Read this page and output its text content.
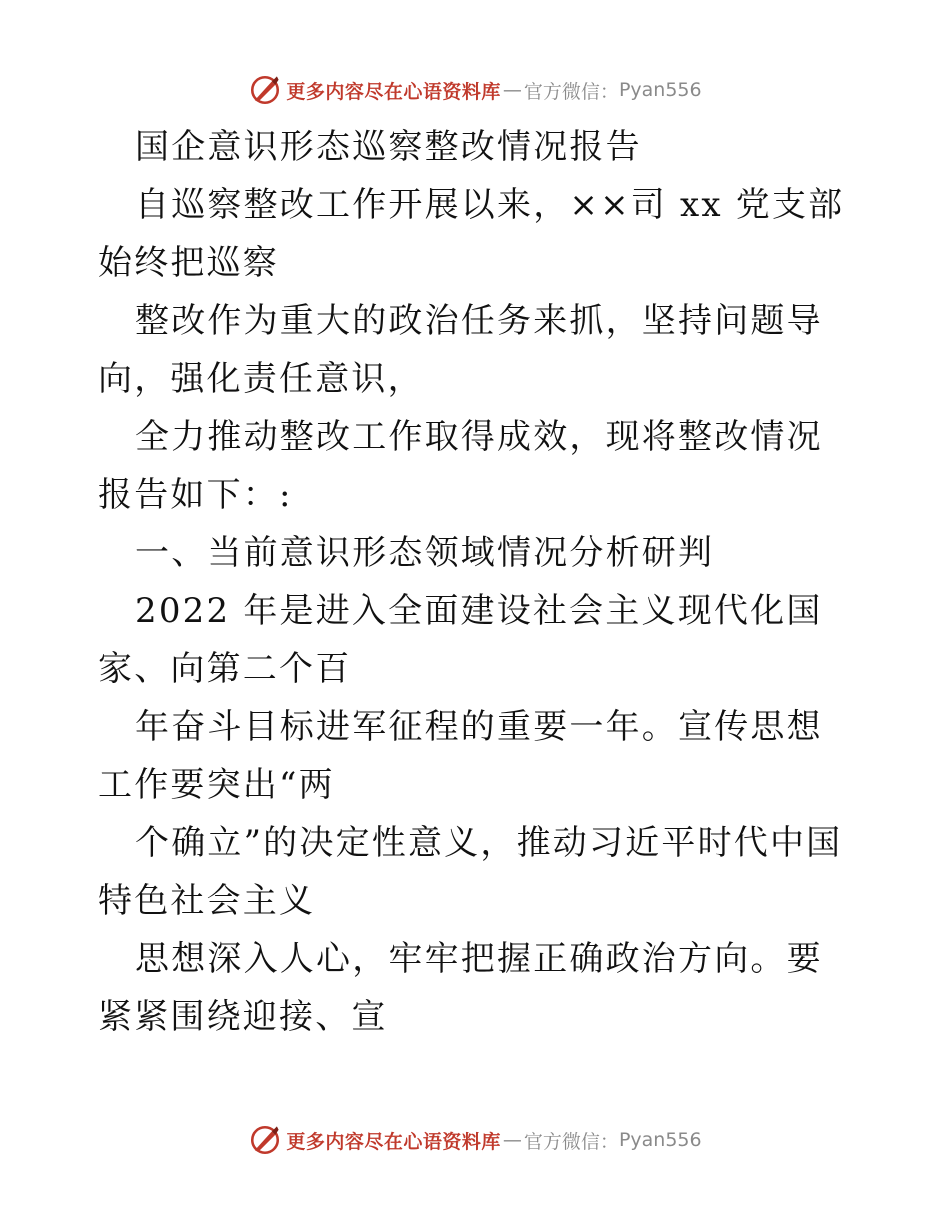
更多内容尽在心语资料库 — 官方微信： Pyan556

国企意识形态巡察整改情况报告

自巡察整改工作开展以来，××司 xx 党支部始终把巡察

整改作为重大的政治任务来抓，坚持问题导向，强化责任意识，

全力推动整改工作取得成效，现将整改情况报告如下：:

一、当前意识形态领域情况分析研判

2022 年是进入全面建设社会主义现代化国家、向第二个百

年奋斗目标进军征程的重要一年。宣传思想工作要突出“两

个确立”的决定性意义，推动习近平时代中国特色社会主义

思想深入人心，牢牢把握正确政治方向。要紧紧围绕迎接、宣

更多内容尽在心语资料库 — 官方微信： Pyan556
